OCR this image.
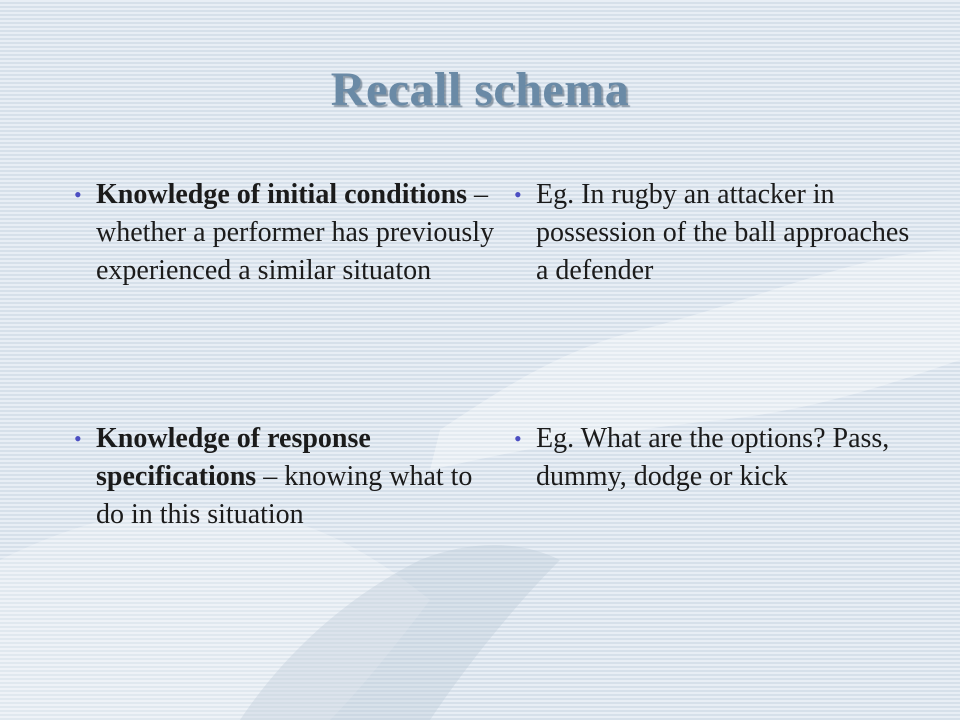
Recall schema
• Knowledge of initial conditions – whether a performer has previously experienced a similar situaton
• Eg. In rugby an attacker in possession of the ball approaches a defender
• Knowledge of response specifications – knowing what to do in this situation
• Eg. What are the options? Pass, dummy, dodge or kick
